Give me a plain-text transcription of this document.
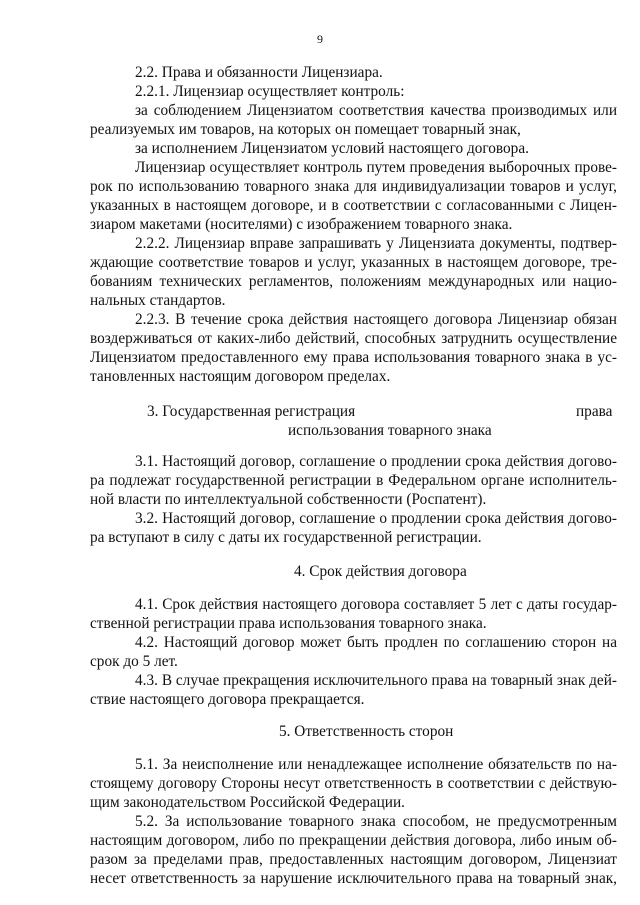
9
2.2. Права и обязанности Лицензиара.
2.2.1. Лицензиар осуществляет контроль:
за соблюдением Лицензиатом соответствия качества производимых или
реализуемых им товаров, на которых он помещает товарный знак,
за исполнением Лицензиатом условий настоящего договора.
Лицензиар осуществляет контроль путем проведения выборочных прове-
рок по использованию товарного знака для индивидуализации товаров и услуг,
указанных в настоящем договоре, и в соответствии с согласованными с Лицен-
зиаром макетами (носителями) с изображением товарного знака.
2.2.2. Лицензиар вправе запрашивать у Лицензиата документы, подтвер-
ждающие соответствие товаров и услуг, указанных в настоящем договоре, тре-
бованиям технических регламентов, положениям международных или нацио-
нальных стандартов.
2.2.3. В течение срока действия настоящего договора Лицензиар обязан
воздерживаться от каких-либо действий, способных затруднить осуществление
Лицензиатом предоставленного ему права использования товарного знака в ус-
тановленных настоящим договором пределах.
3. Государственная регистрация	права
использования товарного знака
3.1. Настоящий договор, соглашение о продлении срока действия догово-
ра подлежат государственной регистрации в Федеральном органе исполнитель-
ной власти по интеллектуальной собственности (Роспатент).
3.2. Настоящий договор, соглашение о продлении срока действия догово-
ра вступают в силу с даты их государственной регистрации.
4. Срок действия договора
4.1. Срок действия настоящего договора составляет 5 лет с даты государ-
ственной регистрации права использования товарного знака.
4.2. Настоящий договор может быть продлен по соглашению сторон на
срок до 5 лет.
4.3. В случае прекращения исключительного права на товарный знак дей-
ствие настоящего договора прекращается.
5. Ответственность сторон
5.1. За неисполнение или ненадлежащее исполнение обязательств по на-
стоящему договору Стороны несут ответственность в соответствии с действую-
щим законодательством Российской Федерации.
5.2. За использование товарного знака способом, не предусмотренным
настоящим договором, либо по прекращении действия договора, либо иным об-
разом за пределами прав, предоставленных настоящим договором, Лицензиат
несет ответственность за нарушение исключительного права на товарный знак,
